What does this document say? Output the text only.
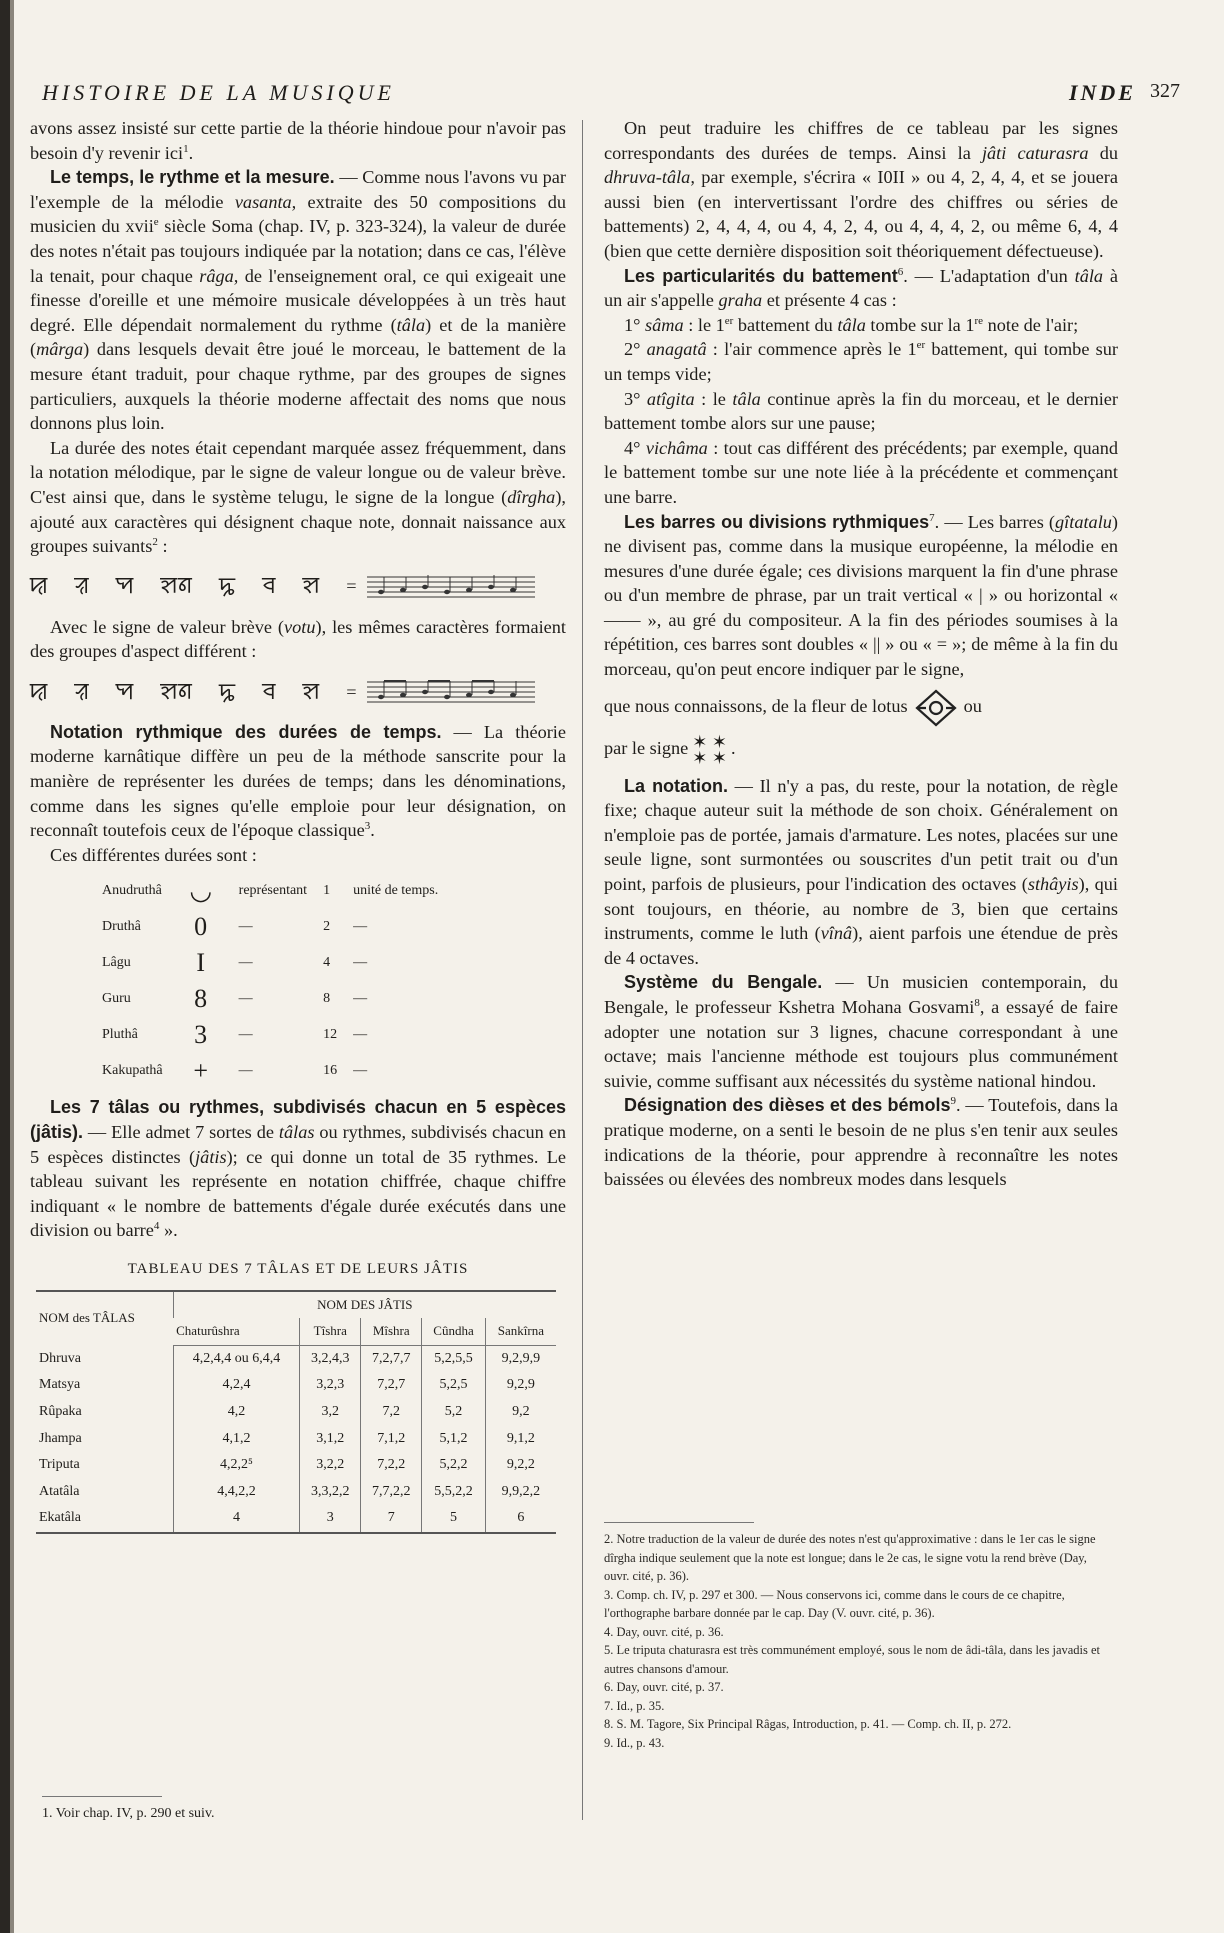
HISTOIRE DE LA MUSIQUE	INDE 327

avons assez insisté sur cette partie de la théorie hindoue pour n'avoir pas besoin d'y revenir ici$^1$.

Le temps, le rythme et la mesure. — Comme nous l'avons vu par l'exemple de la mélodie vasanta, extraite des 50 compositions du musicien du xvii$^e$ siècle Soma (chap. IV, p. 323-324), la valeur de durée des notes n'était pas toujours indiquée par la notation; dans ce cas, l'élève la tenait, pour chaque râga, de l'enseignement oral, ce qui exigeait une finesse d'oreille et une mémoire musicale développées à un très haut degré. Elle dépendait normalement du rythme (tâla) et de la manière (mârga) dans lesquels devait être joué le morceau, le battement de la mesure étant traduit, pour chaque rythme, par des groupes de signes particuliers, auxquels la théorie moderne affectait des noms que nous donnons plus loin.

La durée des notes était cependant marquée assez fréquemment, dans la notation mélodique, par le signe de valeur longue ou de valeur brève. C'est ainsi que, dans le système telugu, le signe de la longue (dîrgha), ajouté aux caractères qui désignent chaque note, donnait naissance aux groupes suivants$^2$ :

ꠢ ꠟ ꠗ ꠡꠘ ꠍ ꠌ ꠡ =

Avec le signe de valeur brève (votu), les mêmes caractères formaient des groupes d'aspect différent :

ꠢ ꠟ ꠗ ꠡꠘ ꠍ ꠌ ꠡ =

Notation rythmique des durées de temps. — La théorie moderne karnâtique diffère un peu de la méthode sanscrite pour la manière de représenter les durées de temps; dans les dénominations, comme dans les signes qu'elle emploie pour leur désignation, on reconnaît toutefois ceux de l'époque classique$^3$.

Ces différentes durées sont :

Anudruthâ	◡	représentant	1	unité de temps.
Druthâ	0	—	2	—
Lâgu	I	—	4	—
Guru	8	—	8	—
Pluthâ	3	—	12	—
Kakupathâ	+	—	16	—

Les 7 tâlas ou rythmes, subdivisés chacun en 5 espèces (jâtis). — Elle admet 7 sortes de tâlas ou rythmes, subdivisés chacun en 5 espèces distinctes (jâtis); ce qui donne un total de 35 rythmes. Le tableau suivant les représente en notation chiffrée, chaque chiffre indiquant « le nombre de battements d'égale durée exécutés dans une division ou barre$^4$ ».

TABLEAU DES 7 TÂLAS ET DE LEURS JÂTIS
NOM des TÂLAS	NOM DES JÂTIS				
	Chaturûshra	Tîshra	Mîshra	Cûndha	Sankîrna
Dhruva	4,2,4,4 ou 6,4,4	3,2,4,3	7,2,7,7	5,2,5,5	9,2,9,9
Matsya	4,2,4	3,2,3	7,2,7	5,2,5	9,2,9
Rûpaka	4,2	3,2	7,2	5,2	9,2
Jhampa	4,1,2	3,1,2	7,1,2	5,1,2	9,1,2
Triputa	4,2,2⁵	3,2,2	7,2,2	5,2,2	9,2,2
Atatâla	4,4,2,2	3,3,2,2	7,7,2,2	5,5,2,2	9,9,2,2
Ekatâla	4	3	7	5	6
1. Voir chap. IV, p. 290 et suiv.

On peut traduire les chiffres de ce tableau par les signes correspondants des durées de temps. Ainsi la jâti caturasra du dhruva-tâla, par exemple, s'écrira « I0II » ou 4, 2, 4, 4, et se jouera aussi bien (en intervertissant l'ordre des chiffres ou séries de battements) 2, 4, 4, 4, ou 4, 4, 2, 4, ou 4, 4, 4, 2, ou même 6, 4, 4 (bien que cette dernière disposition soit théoriquement défectueuse).

Les particularités du battement$^6$. — L'adaptation d'un tâla à un air s'appelle graha et présente 4 cas :

1° sâma : le 1er battement du tâla tombe sur la 1re note de l'air;

2° anagatâ : l'air commence après le 1er battement, qui tombe sur un temps vide;

3° atîgita : le tâla continue après la fin du morceau, et le dernier battement tombe alors sur une pause;

4° vichâma : tout cas différent des précédents; par exemple, quand le battement tombe sur une note liée à la précédente et commençant une barre.

Les barres ou divisions rythmiques$^7$. — Les barres (gîtatalu) ne divisent pas, comme dans la musique européenne, la mélodie en mesures d'une durée égale; ces divisions marquent la fin d'une phrase ou d'un membre de phrase, par un trait vertical « | » ou horizontal « —— », au gré du compositeur. A la fin des périodes soumises à la répétition, ces barres sont doubles « || » ou « = »; de même à la fin du morceau, qu'on peut encore indiquer par le signe,

que nous connaissons, de la fleur de lotus	ou

par le signe ✶ ✶
✶ ✶ .

La notation. — Il n'y a pas, du reste, pour la notation, de règle fixe; chaque auteur suit la méthode de son choix. Généralement on n'emploie pas de portée, jamais d'armature. Les notes, placées sur une seule ligne, sont surmontées ou souscrites d'un petit trait ou d'un point, parfois de plusieurs, pour l'indication des octaves (sthâyis), qui sont toujours, en théorie, au nombre de 3, bien que certains instruments, comme le luth (vînâ), aient parfois une étendue de près de 4 octaves.

Système du Bengale. — Un musicien contemporain, du Bengale, le professeur Kshetra Mohana Gosvami$^8$, a essayé de faire adopter une notation sur 3 lignes, chacune correspondant à une octave; mais l'ancienne méthode est toujours plus communément suivie, comme suffisant aux nécessités du système national hindou.

Désignation des dièses et des bémols$^9$. — Toutefois, dans la pratique moderne, on a senti le besoin de ne plus s'en tenir aux seules indications de la théorie, pour apprendre à reconnaître les notes baissées ou élevées des nombreux modes dans lesquels

2. Notre traduction de la valeur de durée des notes n'est qu'approximative : dans le 1er cas le signe dîrgha indique seulement que la note est longue; dans le 2e cas, le signe votu la rend brève (Day, ouvr. cité, p. 36).

3. Comp. ch. IV, p. 297 et 300. — Nous conservons ici, comme dans le cours de ce chapitre, l'orthographe barbare donnée par le cap. Day (V. ouvr. cité, p. 36).

4. Day, ouvr. cité, p. 36.

5. Le triputa chaturasra est très communément employé, sous le nom de âdi-tâla, dans les javadis et autres chansons d'amour.

6. Day, ouvr. cité, p. 37.

7. Id., p. 35.

8. S. M. Tagore, Six Principal Râgas, Introduction, p. 41. — Comp. ch. II, p. 272.

9. Id., p. 43.
